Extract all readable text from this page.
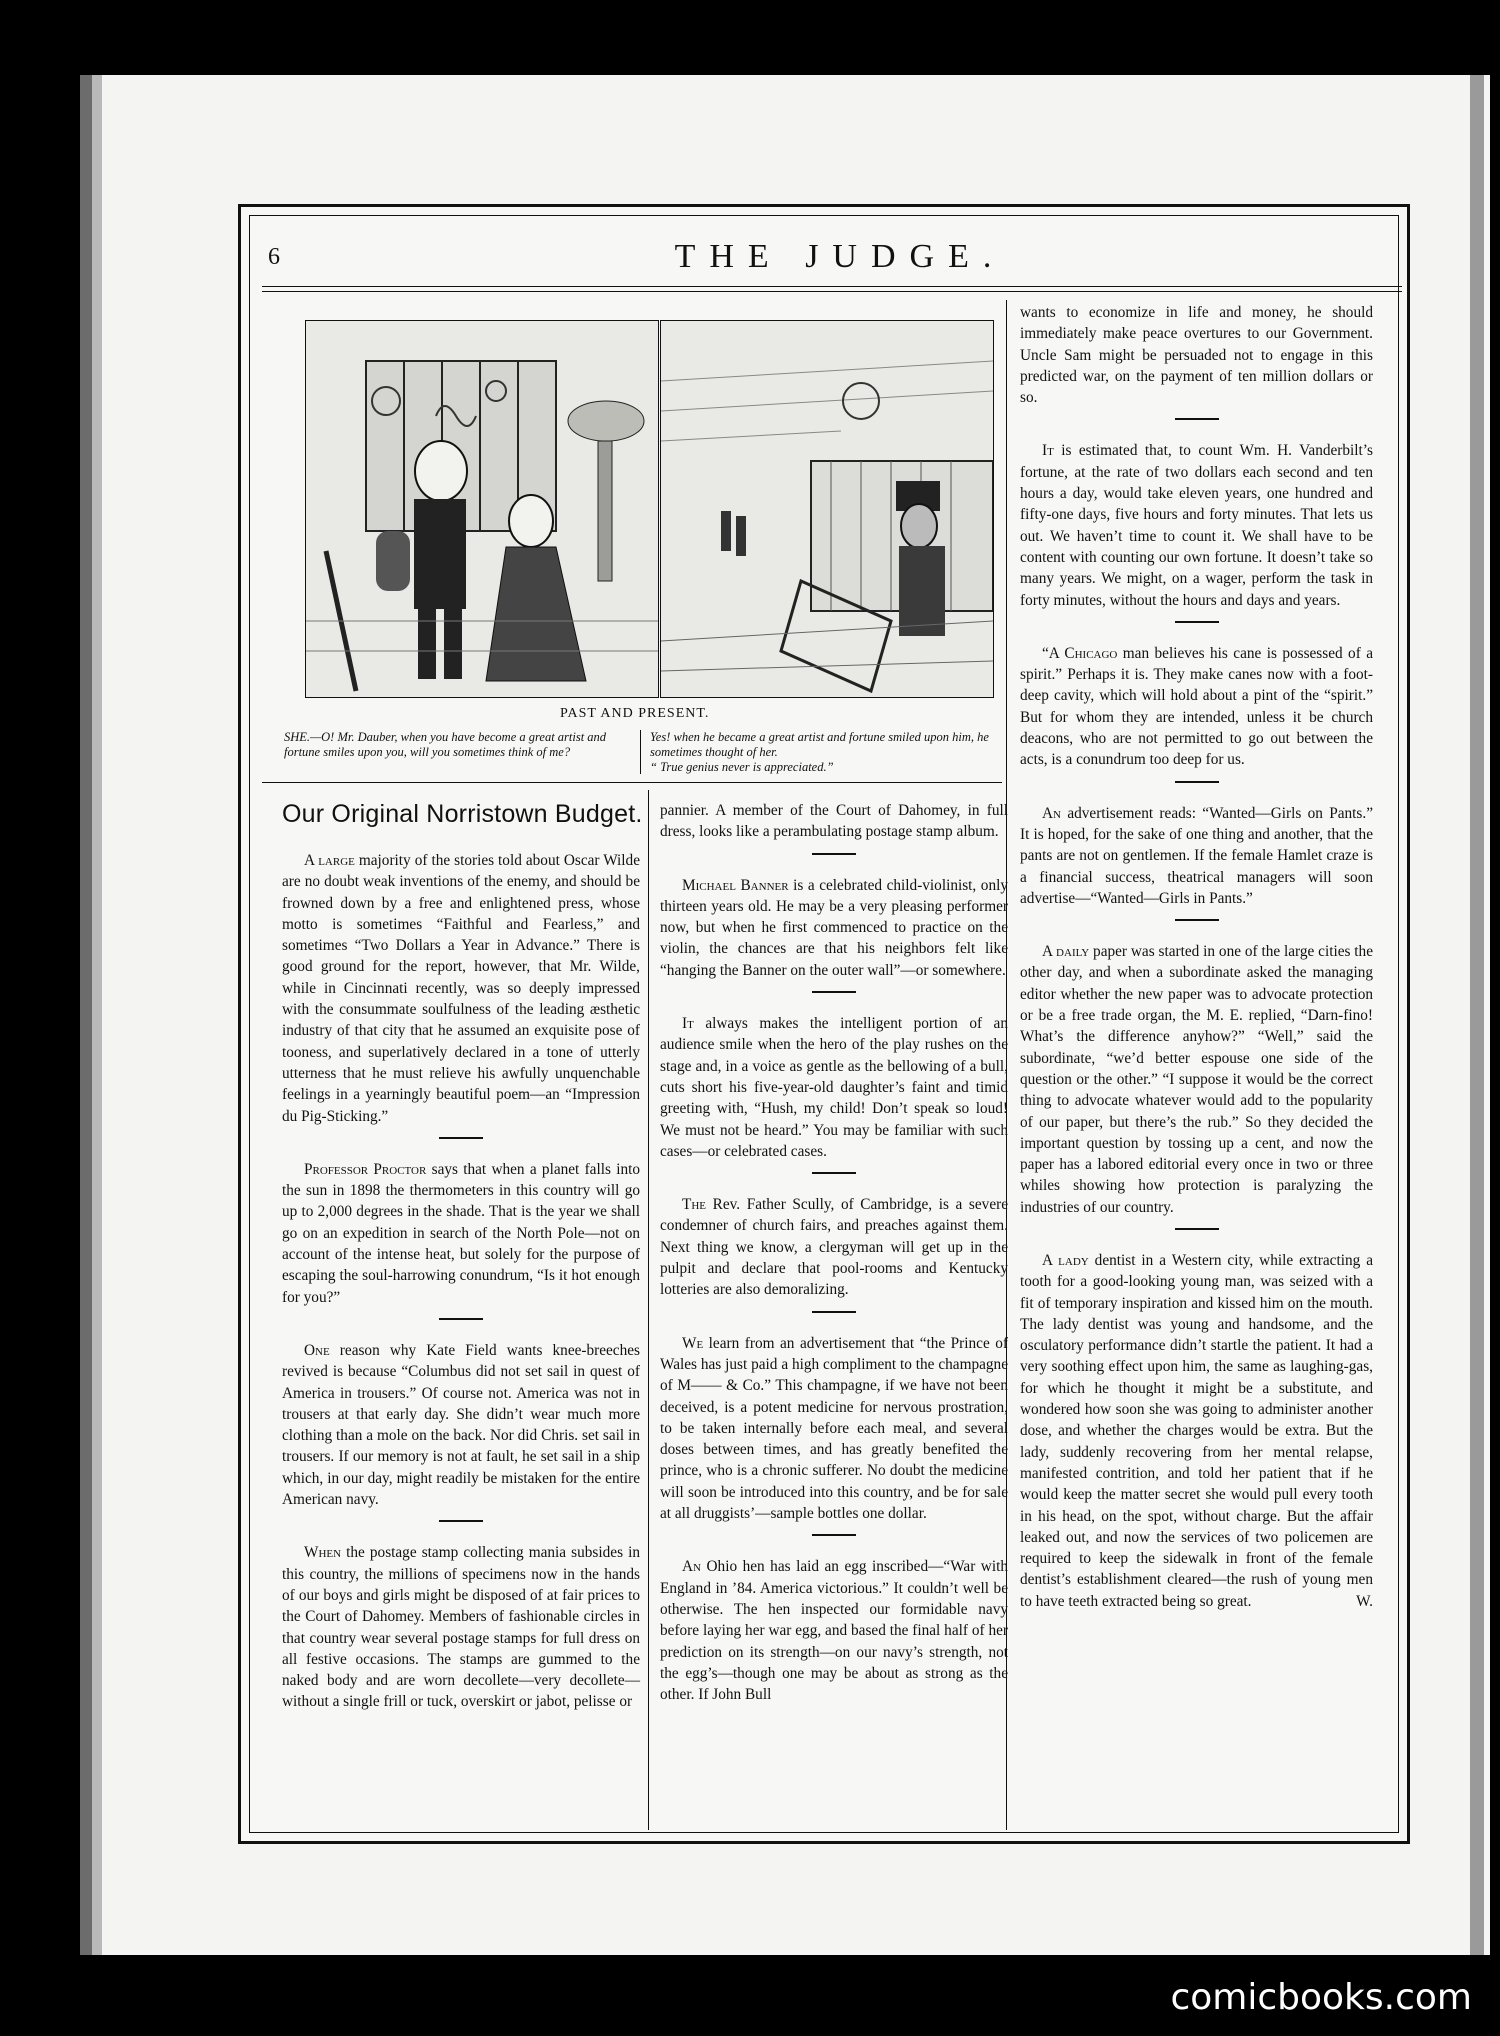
6	THE JUDGE.
PAST AND PRESENT.
SHE.—O! Mr. Dauber, when you have become a great artist and fortune smiles upon you, will you sometimes think of me?
Yes! when he became a great artist and fortune smiled upon him, he sometimes thought of her.
“ True genius never is appreciated.”
Our Original Norristown Budget.

A large majority of the stories told about Oscar Wilde are no doubt weak inventions of the enemy, and should be frowned down by a free and enlightened press, whose motto is sometimes “Faithful and Fearless,” and sometimes “Two Dollars a Year in Advance.” There is good ground for the report, however, that Mr. Wilde, while in Cincinnati recently, was so deeply impressed with the consummate soulfulness of the leading æsthetic industry of that city that he assumed an exquisite pose of tooness, and superlatively declared in a tone of utterly utterness that he must relieve his awfully unquenchable feelings in a yearningly beautiful poem—an “Impression du Pig-Sticking.”

Professor Proctor says that when a planet falls into the sun in 1898 the thermometers in this country will go up to 2,000 degrees in the shade. That is the year we shall go on an expedition in search of the North Pole—not on account of the intense heat, but solely for the purpose of escaping the soul-harrowing conundrum, “Is it hot enough for you?”

One reason why Kate Field wants knee-breeches revived is because “Columbus did not set sail in quest of America in trousers.” Of course not. America was not in trousers at that early day. She didn’t wear much more clothing than a mole on the back. Nor did Chris. set sail in trousers. If our memory is not at fault, he set sail in a ship which, in our day, might readily be mistaken for the entire American navy.

When the postage stamp collecting mania subsides in this country, the millions of specimens now in the hands of our boys and girls might be disposed of at fair prices to the Court of Dahomey. Members of fashionable circles in that country wear several postage stamps for full dress on all festive occasions. The stamps are gummed to the naked body and are worn decollete—very decollete—without a single frill or tuck, overskirt or jabot, pelisse or

pannier. A member of the Court of Dahomey, in full dress, looks like a perambulating postage stamp album.

Michael Banner is a celebrated child-violinist, only thirteen years old. He may be a very pleasing performer now, but when he first commenced to practice on the violin, the chances are that his neighbors felt like “hanging the Banner on the outer wall”—or somewhere.

It always makes the intelligent portion of an audience smile when the hero of the play rushes on the stage and, in a voice as gentle as the bellowing of a bull, cuts short his five-year-old daughter’s faint and timid greeting with, “Hush, my child! Don’t speak so loud! We must not be heard.” You may be familiar with such cases—or celebrated cases.

The Rev. Father Scully, of Cambridge, is a severe condemner of church fairs, and preaches against them. Next thing we know, a clergyman will get up in the pulpit and declare that pool-rooms and Kentucky lotteries are also demoralizing.

We learn from an advertisement that “the Prince of Wales has just paid a high compliment to the champagne of M—— & Co.” This champagne, if we have not been deceived, is a potent medicine for nervous prostration, to be taken internally before each meal, and several doses between times, and has greatly benefited the prince, who is a chronic sufferer. No doubt the medicine will soon be introduced into this country, and be for sale at all druggists’—sample bottles one dollar.

An Ohio hen has laid an egg inscribed—“War with England in ’84. America victorious.” It couldn’t well be otherwise. The hen inspected our formidable navy before laying her war egg, and based the final half of her prediction on its strength—on our navy’s strength, not the egg’s—though one may be about as strong as the other. If John Bull

wants to economize in life and money, he should immediately make peace overtures to our Government. Uncle Sam might be persuaded not to engage in this predicted war, on the payment of ten million dollars or so.

It is estimated that, to count Wm. H. Vanderbilt’s fortune, at the rate of two dollars each second and ten hours a day, would take eleven years, one hundred and fifty-one days, five hours and forty minutes. That lets us out. We haven’t time to count it. We shall have to be content with counting our own fortune. It doesn’t take so many years. We might, on a wager, perform the task in forty minutes, without the hours and days and years.

“A Chicago man believes his cane is possessed of a spirit.” Perhaps it is. They make canes now with a foot-deep cavity, which will hold about a pint of the “spirit.” But for whom they are intended, unless it be church deacons, who are not permitted to go out between the acts, is a conundrum too deep for us.

An advertisement reads: “Wanted—Girls on Pants.” It is hoped, for the sake of one thing and another, that the pants are not on gentlemen. If the female Hamlet craze is a financial success, theatrical managers will soon advertise—“Wanted—Girls in Pants.”

A daily paper was started in one of the large cities the other day, and when a subordinate asked the managing editor whether the new paper was to advocate protection or be a free trade organ, the M. E. replied, “Darn-fino! What’s the difference anyhow?” “Well,” said the subordinate, “we’d better espouse one side of the question or the other.” “I suppose it would be the correct thing to advocate whatever would add to the popularity of our paper, but there’s the rub.” So they decided the important question by tossing up a cent, and now the paper has a labored editorial every once in two or three whiles showing how protection is paralyzing the industries of our country.

A lady dentist in a Western city, while extracting a tooth for a good-looking young man, was seized with a fit of temporary inspiration and kissed him on the mouth. The lady dentist was young and handsome, and the osculatory performance didn’t startle the patient. It had a very soothing effect upon him, the same as laughing-gas, for which he thought it might be a substitute, and wondered how soon she was going to administer another dose, and whether the charges would be extra. But the lady, suddenly recovering from her mental relapse, manifested contrition, and told her patient that if he would keep the matter secret she would pull every tooth in his head, on the spot, without charge. But the affair leaked out, and now the services of two policemen are required to keep the sidewalk in front of the female dentist’s establishment cleared—the rush of young men to have teeth extracted being so great.	W.

comicbooks.com
